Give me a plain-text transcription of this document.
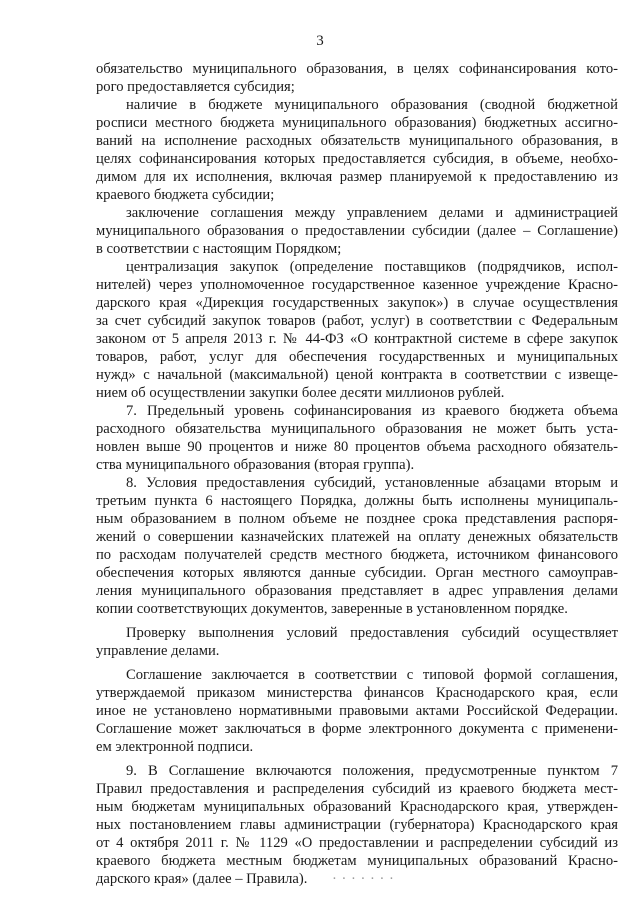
3
обязательство муниципального образования, в целях софинансирования кото-
рого предоставляется субсидия;
наличие в бюджете муниципального образования (сводной бюджетной
росписи местного бюджета муниципального образования) бюджетных ассигно-
ваний на исполнение расходных обязательств муниципального образования, в
целях софинансирования которых предоставляется субсидия, в объеме, необхо-
димом для их исполнения, включая размер планируемой к предоставлению из
краевого бюджета субсидии;
заключение соглашения между управлением делами и администрацией
муниципального образования о предоставлении субсидии (далее – Соглашение)
в соответствии с настоящим Порядком;
централизация закупок (определение поставщиков (подрядчиков, испол-
нителей) через уполномоченное государственное казенное учреждение Красно-
дарского края «Дирекция государственных закупок») в случае осуществления
за счет субсидий закупок товаров (работ, услуг) в соответствии с Федеральным
законом от 5 апреля 2013 г. № 44-ФЗ «О контрактной системе в сфере закупок
товаров, работ, услуг для обеспечения государственных и муниципальных
нужд» с начальной (максимальной) ценой контракта в соответствии с извеще-
нием об осуществлении закупки более десяти миллионов рублей.
7. Предельный уровень софинансирования из краевого бюджета объема
расходного обязательства муниципального образования не может быть уста-
новлен выше 90 процентов и ниже 80 процентов объема расходного обязатель-
ства муниципального образования (вторая группа).
8. Условия предоставления субсидий, установленные абзацами вторым и
третьим пункта 6 настоящего Порядка, должны быть исполнены муниципаль-
ным образованием в полном объеме не позднее срока представления распоря-
жений о совершении казначейских платежей на оплату денежных обязательств
по расходам получателей средств местного бюджета, источником финансового
обеспечения которых являются данные субсидии. Орган местного самоуправ-
ления муниципального образования представляет в адрес управления делами
копии соответствующих документов, заверенные в установленном порядке.
Проверку выполнения условий предоставления субсидий осуществляет
управление делами.
Соглашение заключается в соответствии с типовой формой соглашения,
утверждаемой приказом министерства финансов Краснодарского края, если
иное не установлено нормативными правовыми актами Российской Федерации.
Соглашение может заключаться в форме электронного документа с применени-
ем электронной подписи.
9. В Соглашение включаются положения, предусмотренные пунктом 7
Правил предоставления и распределения субсидий из краевого бюджета мест-
ным бюджетам муниципальных образований Краснодарского края, утвержден-
ных постановлением главы администрации (губернатора) Краснодарского края
от 4 октября 2011 г. № 1129 «О предоставлении и распределении субсидий из
краевого бюджета местным бюджетам муниципальных образований Красно-
дарского края» (далее – Правила).	· · · · · · ·
